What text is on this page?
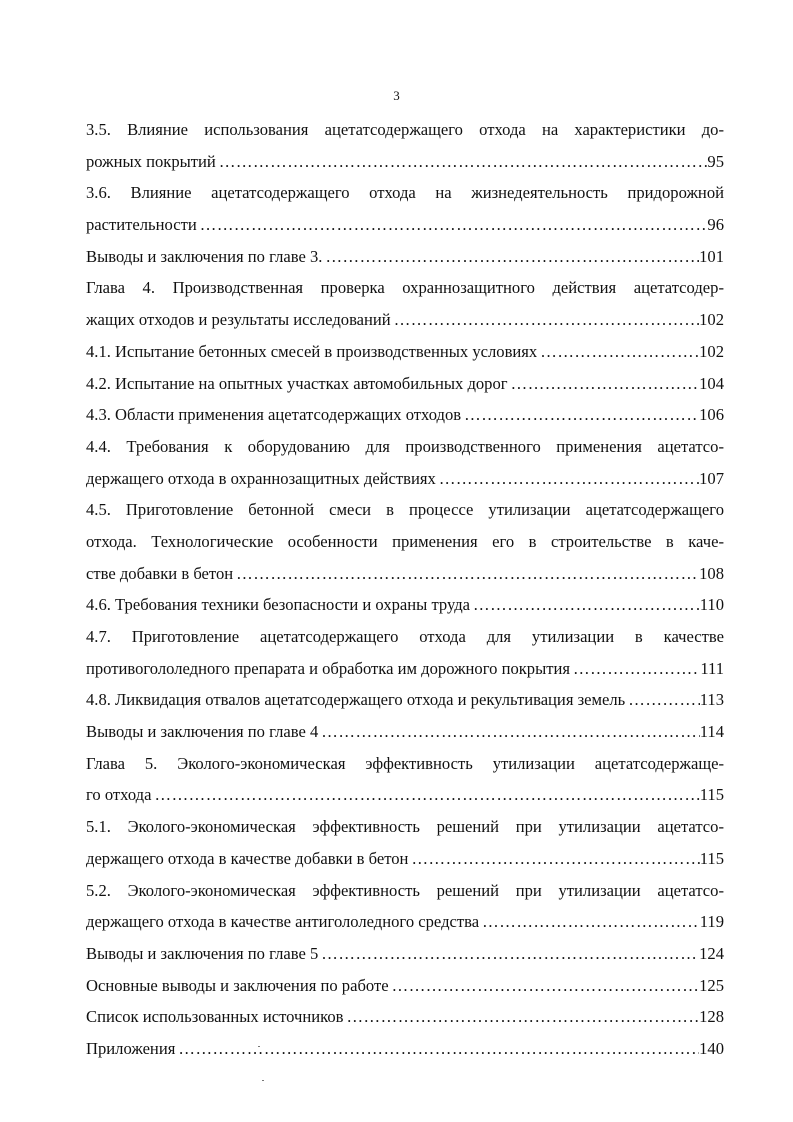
3
3.5. Влияние использования ацетатсодержащего отхода на характеристики до-
рожных покрытий …………………………………………………………………………………………………………………………………………………………	95
3.6. Влияние ацетатсодержащего отхода на жизнедеятельность придорожной
растительности …………………………………………………………………………………………………………………………………………………………	96
Выводы и заключения по главе 3. …………………………………………………………………………………………………………………………………………………………	101
Глава 4. Производственная проверка охраннозащитного действия ацетатсодер-
жащих отходов и результаты исследований …………………………………………………………………………………………………………………………………………………………	102
4.1. Испытание бетонных смесей в производственных условиях …………………………………………………………………………………………………………………………………………………………	102
4.2. Испытание на опытных участках автомобильных дорог …………………………………………………………………………………………………………………………………………………………	104
4.3. Области применения ацетатсодержащих отходов …………………………………………………………………………………………………………………………………………………………	106
4.4. Требования к оборудованию для производственного применения ацетатсо-
держащего отхода в охраннозащитных действиях …………………………………………………………………………………………………………………………………………………………	107
4.5. Приготовление бетонной смеси в процессе утилизации ацетатсодержащего
отхода. Технологические особенности применения его в строительстве в каче-
стве добавки в бетон …………………………………………………………………………………………………………………………………………………………	108
4.6. Требования техники безопасности и охраны труда …………………………………………………………………………………………………………………………………………………………	110
4.7. Приготовление ацетатсодержащего отхода для утилизации в качестве
противогололедного препарата и обработка им дорожного покрытия …………………………………………………………………………………………………………………………………………………………	111
4.8. Ликвидация отвалов ацетатсодержащего отхода и рекультивация земель …………………………………………………………………………………………………………………………………………………………	113
Выводы и заключения по главе 4 …………………………………………………………………………………………………………………………………………………………	114
Глава 5. Эколого-экономическая эффективность утилизации ацетатсодержаще-
го отхода …………………………………………………………………………………………………………………………………………………………	115
5.1. Эколого-экономическая эффективность решений при утилизации ацетатсо-
держащего отхода в качестве добавки в бетон …………………………………………………………………………………………………………………………………………………………	115
5.2. Эколого-экономическая эффективность решений при утилизации ацетатсо-
держащего отхода в качестве антигололедного средства …………………………………………………………………………………………………………………………………………………………	119
Выводы и заключения по главе 5 …………………………………………………………………………………………………………………………………………………………	124
Основные выводы и заключения по работе …………………………………………………………………………………………………………………………………………………………	125
Список использованных источников …………………………………………………………………………………………………………………………………………………………	128
Приложения …………………………………………………………………………………………………………………………………………………………	140
